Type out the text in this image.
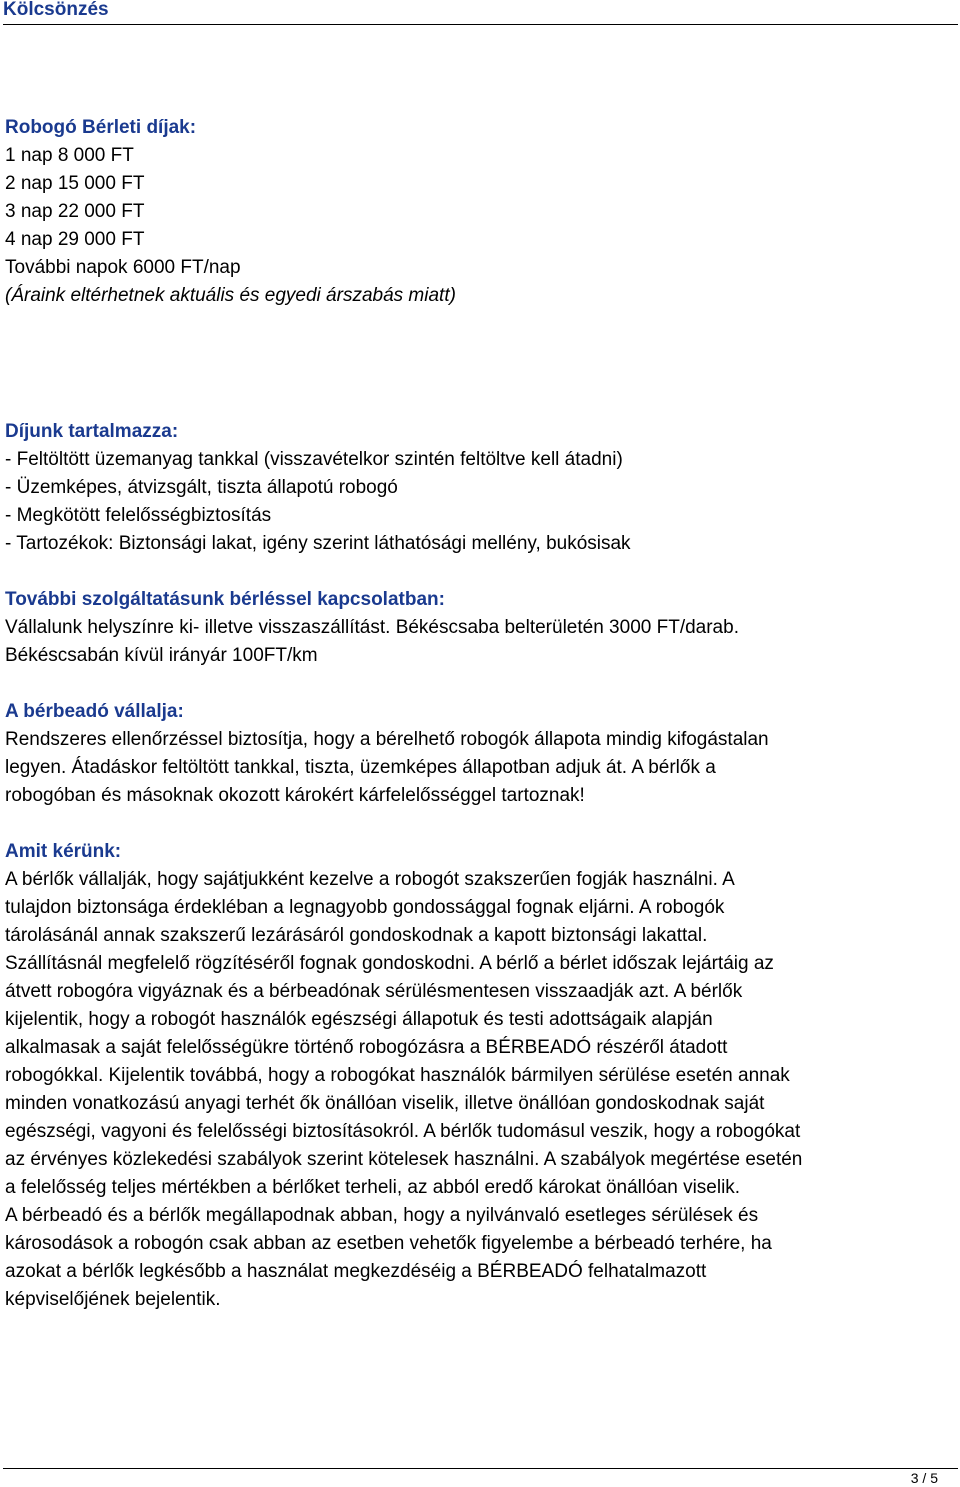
Kölcsönzés
Robogó Bérleti díjak:
1 nap 8 000 FT
2 nap 15 000 FT
3 nap 22 000 FT
4 nap 29 000 FT
További napok 6000 FT/nap
(Áraink eltérhetnek aktuális és egyedi árszabás miatt)
Díjunk tartalmazza:
- Feltöltött üzemanyag tankkal (visszavételkor szintén feltöltve kell átadni)
- Üzemképes, átvizsgált, tiszta állapotú robogó
- Megkötött felelősségbiztosítás
- Tartozékok: Biztonsági lakat, igény szerint láthatósági mellény, bukósisak
További szolgáltatásunk bérléssel kapcsolatban:
Vállalunk helyszínre ki- illetve visszaszállítást. Békéscsaba belterületén 3000 FT/darab.
Békéscsabán kívül irányár 100FT/km
A bérbeadó vállalja:
Rendszeres ellenőrzéssel biztosítja, hogy a bérelhető robogók állapota mindig kifogástalan
legyen. Átadáskor feltöltött tankkal, tiszta, üzemképes állapotban adjuk át. A bérlők a
robogóban és másoknak okozott károkért kárfelelősséggel tartoznak!
Amit kérünk:
A bérlők vállalják, hogy sajátjukként kezelve a robogót szakszerűen fogják használni. A
tulajdon biztonsága érdekléban a legnagyobb gondossággal fognak eljárni. A robogók
tárolásánál annak szakszerű lezárásáról gondoskodnak a kapott biztonsági lakattal.
Szállításnál megfelelő rögzítéséről fognak gondoskodni. A bérlő a bérlet időszak lejártáig az
átvett robogóra vigyáznak és a bérbeadónak sérülésmentesen visszaadják azt. A bérlők
kijelentik, hogy a robogót használók egészségi állapotuk és testi adottságaik alapján
alkalmasak a saját felelősségükre történő robogózásra a BÉRBEADÓ részéről átadott
robogókkal. Kijelentik továbbá, hogy a robogókat használók bármilyen sérülése esetén annak
minden vonatkozású anyagi terhét ők önállóan viselik, illetve önállóan gondoskodnak saját
egészségi, vagyoni és felelősségi biztosításokról. A bérlők tudomásul veszik, hogy a robogókat
az érvényes közlekedési szabályok szerint kötelesek használni. A szabályok megértése esetén
a felelősség teljes mértékben a bérlőket terheli, az abból eredő károkat önállóan viselik.
A bérbeadó és a bérlők megállapodnak abban, hogy a nyilvánvaló esetleges sérülések és
károsodások a robogón csak abban az esetben vehetők figyelembe a bérbeadó terhére, ha
azokat a bérlők legkésőbb a használat megkezdéséig a BÉRBEADÓ felhatalmazott
képviselőjének bejelentik.
3 / 5
